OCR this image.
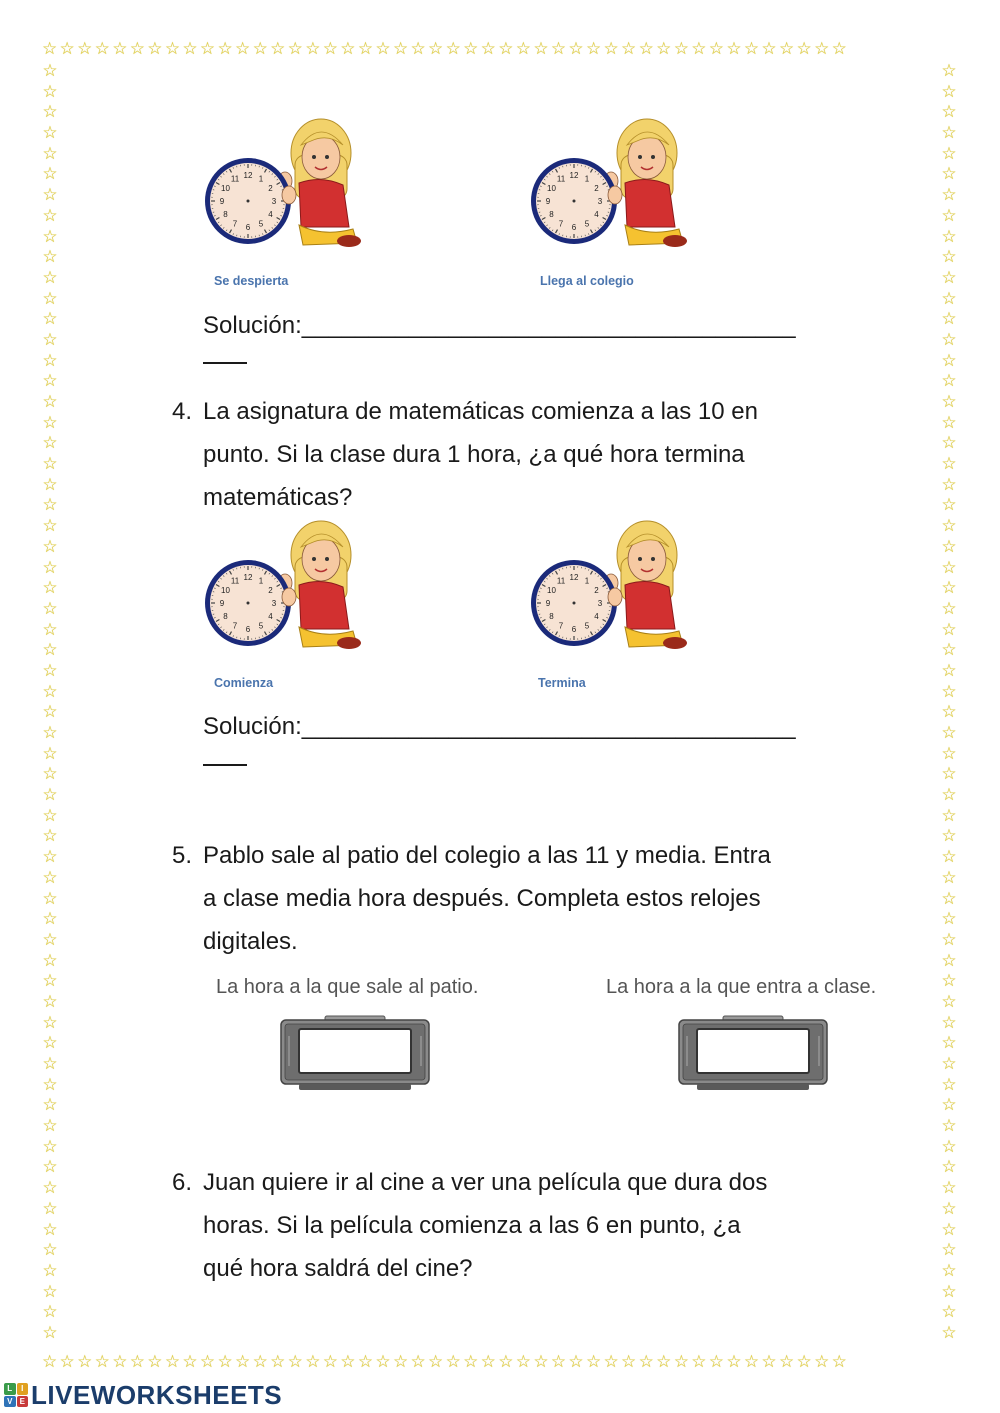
☆☆☆☆☆☆☆☆☆☆☆☆☆☆☆☆☆☆☆☆☆☆☆☆☆☆☆☆☆☆☆☆☆☆☆☆☆☆☆☆☆☆☆☆☆☆
☆☆☆☆☆☆☆☆☆☆☆☆☆☆☆☆☆☆☆☆☆☆☆☆☆☆☆☆☆☆☆☆☆☆☆☆☆☆☆☆☆☆☆☆☆☆
☆
☆
☆
☆
☆
☆
☆
☆
☆
☆
☆
☆
☆
☆
☆
☆
☆
☆
☆
☆
☆
☆
☆
☆
☆
☆
☆
☆
☆
☆
☆
☆
☆
☆
☆
☆
☆
☆
☆
☆
☆
☆
☆
☆
☆
☆
☆
☆
☆
☆
☆
☆
☆
☆
☆
☆
☆
☆
☆
☆
☆
☆
☆
☆
☆
☆
☆
☆
☆
☆
☆
☆
☆
☆
☆
☆
☆
☆
☆
☆
☆
☆
☆
☆
☆
☆
☆
☆
☆
☆
☆
☆
☆
☆
☆
☆
☆
☆
☆
☆
☆
☆
☆
☆
☆
☆
☆
☆
☆
☆
☆
☆
☆
☆
☆
☆
☆
☆
☆
☆
☆
☆
☆
☆
12 1
2
3
4
5
6
7
8
9
10
11	12 1
2
3
4
5
6
7
8
9
10
11
Se despierta	Llega al colegio
Solución:_____________________________________
4. La asignatura de matemáticas comienza a las 10 en
punto. Si la clase dura 1 hora, ¿a qué hora termina
matemáticas?
12 1
2
3
4
5
6
7
8
9
10
11	12 1
2
3
4
5
6
7
8
9
10
11
Comienza	Termina
Solución:_____________________________________
5. Pablo sale al patio del colegio a las 11 y media. Entra
a clase media hora después. Completa estos relojes
digitales.
La hora a la que sale al patio.	La hora a la que entra a clase.
6. Juan quiere ir al cine a ver una película que dura dos
horas. Si la película comienza a las 6 en punto, ¿a
qué hora saldrá del cine?
L	I
V E LIVEWORKSHEETS
